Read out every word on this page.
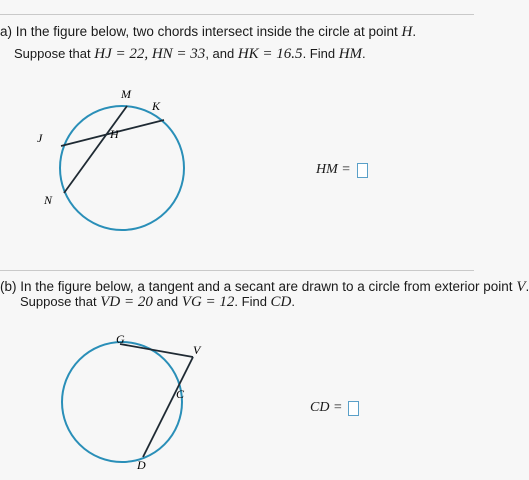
a) In the figure below, two chords intersect inside the circle at point H.
Suppose that HJ = 22, HN = 33, and HK = 16.5. Find HM.
M
K
J	H
N
HM =
(b) In the figure below, a tangent and a secant are drawn to a circle from exterior point V.
Suppose that VD = 20 and VG = 12. Find CD.
G
V
C
D
CD =
